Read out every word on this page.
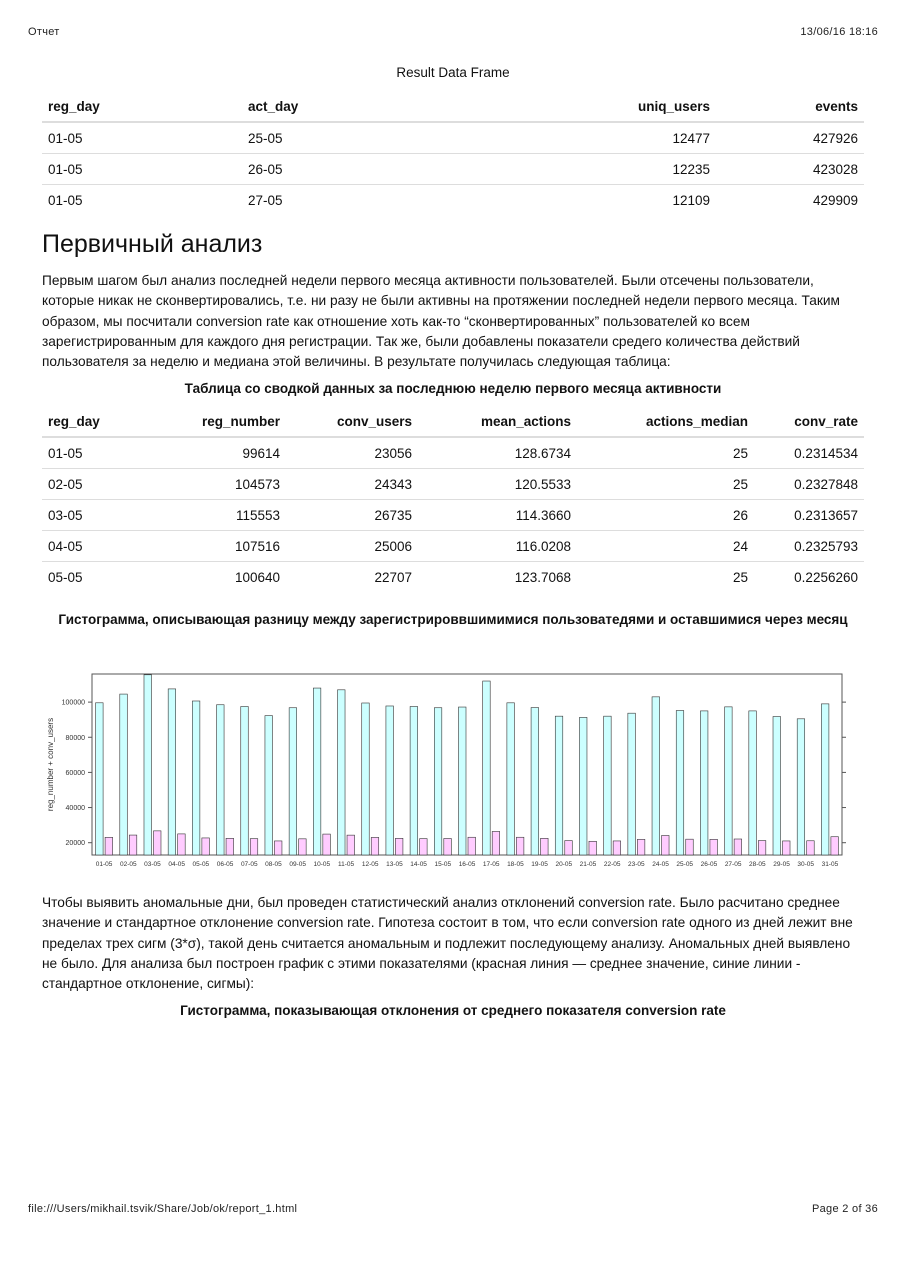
Отчет	13/06/16 18:16
Result Data Frame
reg_day	act_day	uniq_users	events
01-05	25-05	12477	427926
01-05	26-05	12235	423028
01-05	27-05	12109	429909
Первичный анализ

Первым шагом был анализ последней недели первого месяца активности пользователей. Были отсечены пользователи, которые никак не сконвертировались, т.е. ни разу не были активны на протяжении последней недели первого месяца. Таким образом, мы посчитали conversion rate как отношение хоть как-то “сконвертированных” пользователей ко всем зарегистрированным для каждого дня регистрации. Так же, были добавлены показатели средего количества действий пользователя за неделю и медиана этой величины. В результате получилась следующая таблица:

Таблица со сводкой данных за последнюю неделю первого месяца активности
reg_day	reg_number	conv_users	mean_actions	actions_median	conv_rate
01-05	99614	23056	128.6734	25	0.2314534
02-05	104573	24343	120.5533	25	0.2327848
03-05	115553	26735	114.3660	26	0.2313657
04-05	107516	25006	116.0208	24	0.2325793
05-05	100640	22707	123.7068	25	0.2256260
Гистограмма, описывающая разницу между зарегистрироввшимимися пользоватедями и оставшимися через месяц
20000
40000
60000
80000
100000
reg_number + conv_users
01-05 02-05 03-05 04-05 05-05 06-05 07-05 08-05 09-05 10-05 11-05 12-05 13-05 14-05 15-05 16-05 17-05 18-05 19-05 20-05 21-05 22-05 23-05 24-05 25-05 26-05 27-05 28-05 29-05 30-05 31-05

Чтобы выявить аномальные дни, был проведен статистический анализ отклонений conversion rate. Было расчитано среднее значение и стандартное отклонение conversion rate. Гипотеза состоит в том, что если conversion rate одного из дней лежит вне пределах трех сигм (3*σ), такой день считается аномальным и подлежит последующему анализу. Аномальных дней выявлено не было. Для анализа был построен график с этими показателями (красная линия — среднее значение, синие линии - стандартное отклонение, сигмы):

Гистограмма, показывающая отклонения от среднего показателя conversion rate
file:///Users/mikhail.tsvik/Share/Job/ok/report_1.html	Page 2 of 36
